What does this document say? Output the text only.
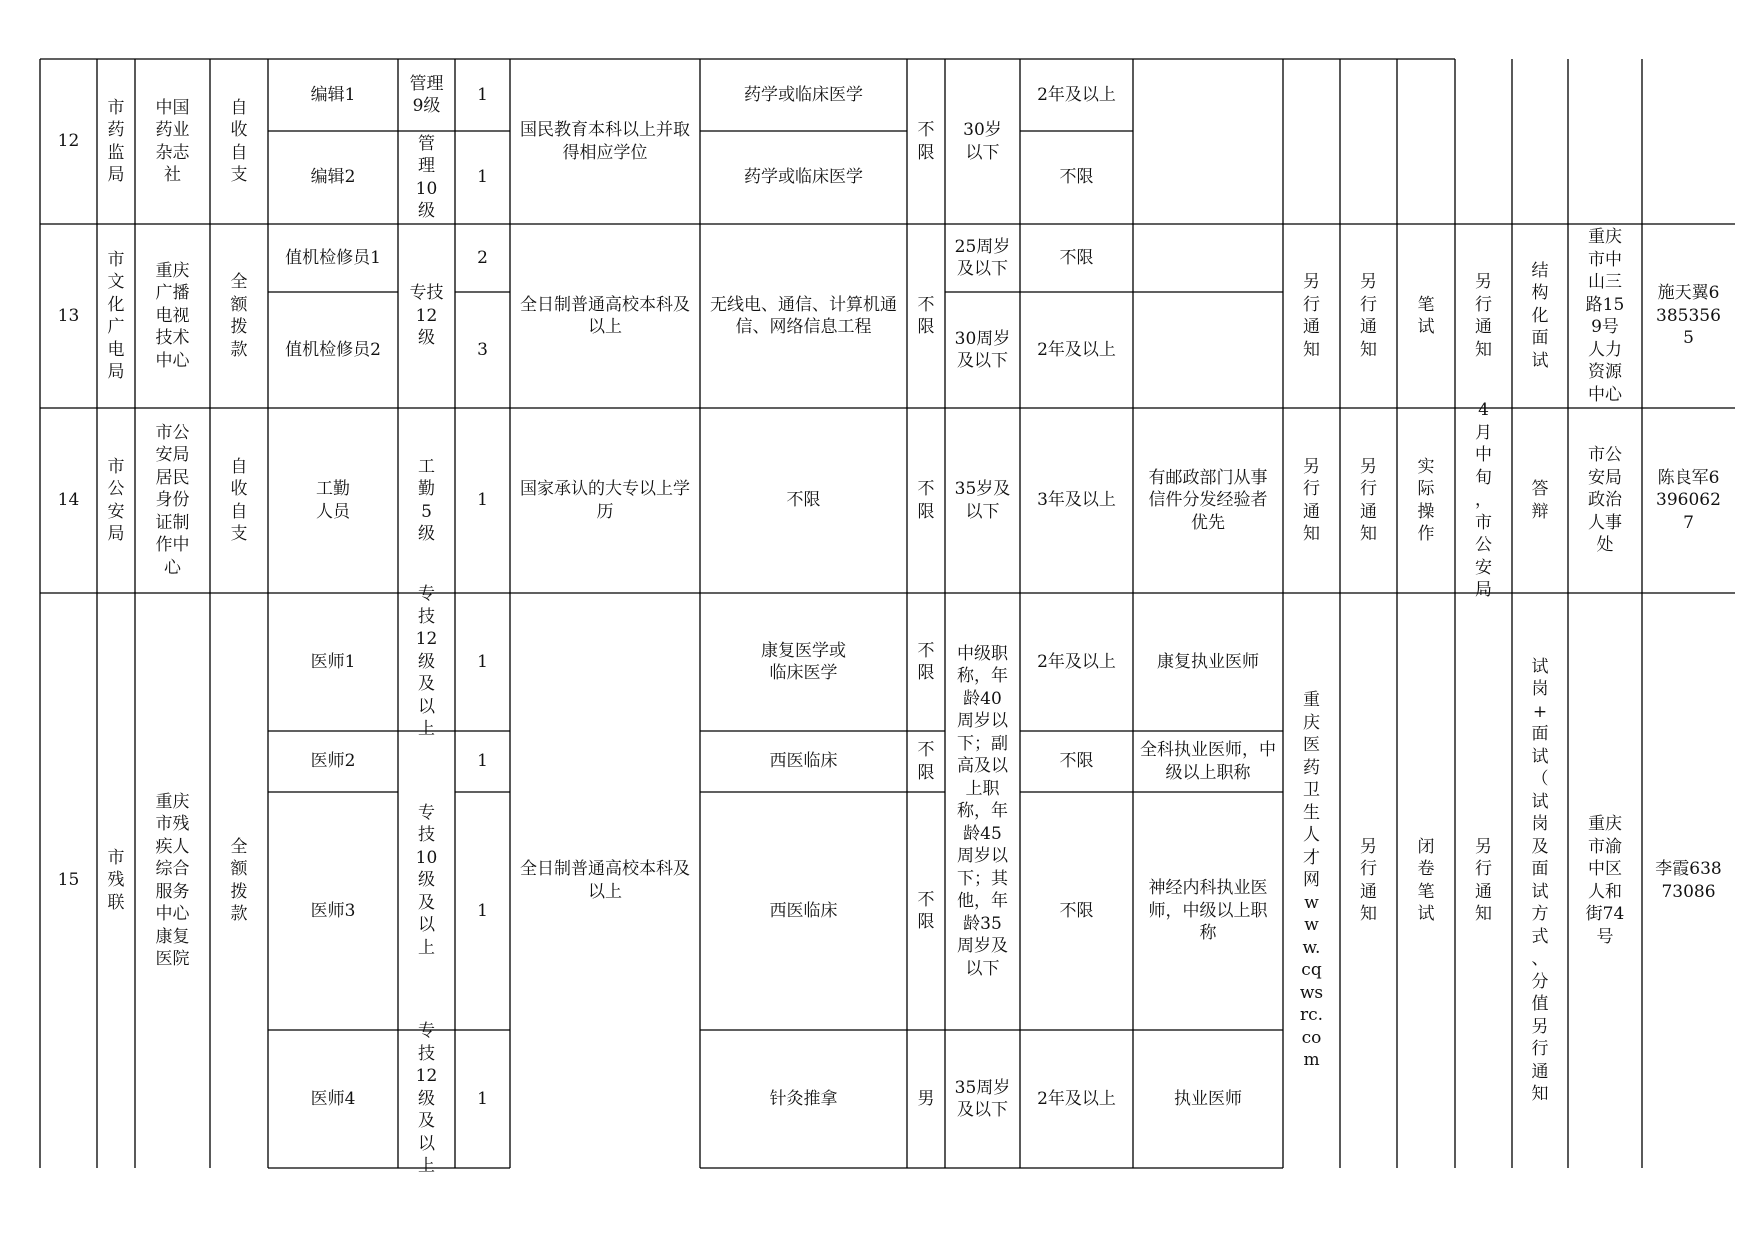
12
市药监局
中国药业杂志社
自收自支
编辑1
管理9级
1
编辑2
管理10级
1
国民教育本科以上并取得相应学位
药学或临床医学
药学或临床医学
不限
30岁以下
2年及以上
不限
13
市文化广电局
重庆广播电视技术中心
全额拨款
值机检修员1
值机检修员2
专技12级
2
3
全日制普通高校本科及以上
无线电、通信、计算机通信、网络信息工程
不限
25周岁及以下
30周岁及以下
不限
2年及以上
另行通知
另行通知
笔试
另行通知
结构化面试
重庆市中山三路159号人力资源中心
施天翼63853565
14
市公安局
市公安局居民身份证制作中心
自收自支
工勤人员
工勤5级
1
国家承认的大专以上学历
不限
不限
35岁及以下
3年及以上
有邮政部门从事信件分发经验者优先
另行通知
另行通知
实际操作
4月中旬，市公安局
答辩
市公安局政治人事处
陈良军63960627
15
市残联
重庆市残疾人综合服务中心康复医院
全额拨款
医师1
医师2
医师3
医师4
专技12级及以上
专技10级及以上
专技12级及以上
1
1
1
1
全日制普通高校本科及以上
康复医学或临床医学
西医临床
西医临床
针灸推拿
不限
不限
不限
男
中级职称，年龄40周岁以下；副高及以上职称，年龄45周岁以下；其他，年龄35周岁及以下
35周岁及以下
2年及以上
不限
不限
2年及以上
康复执业医师
全科执业医师，中级以上职称
神经内科执业医师，中级以上职称
执业医师
重庆医药卫生人才网www.cqwsrc.com
另行通知
闭卷笔试
另行通知
试岗+面试（试岗及面试方式、分值另行通知
重庆市渝中区人和街74号
李霞63873086
